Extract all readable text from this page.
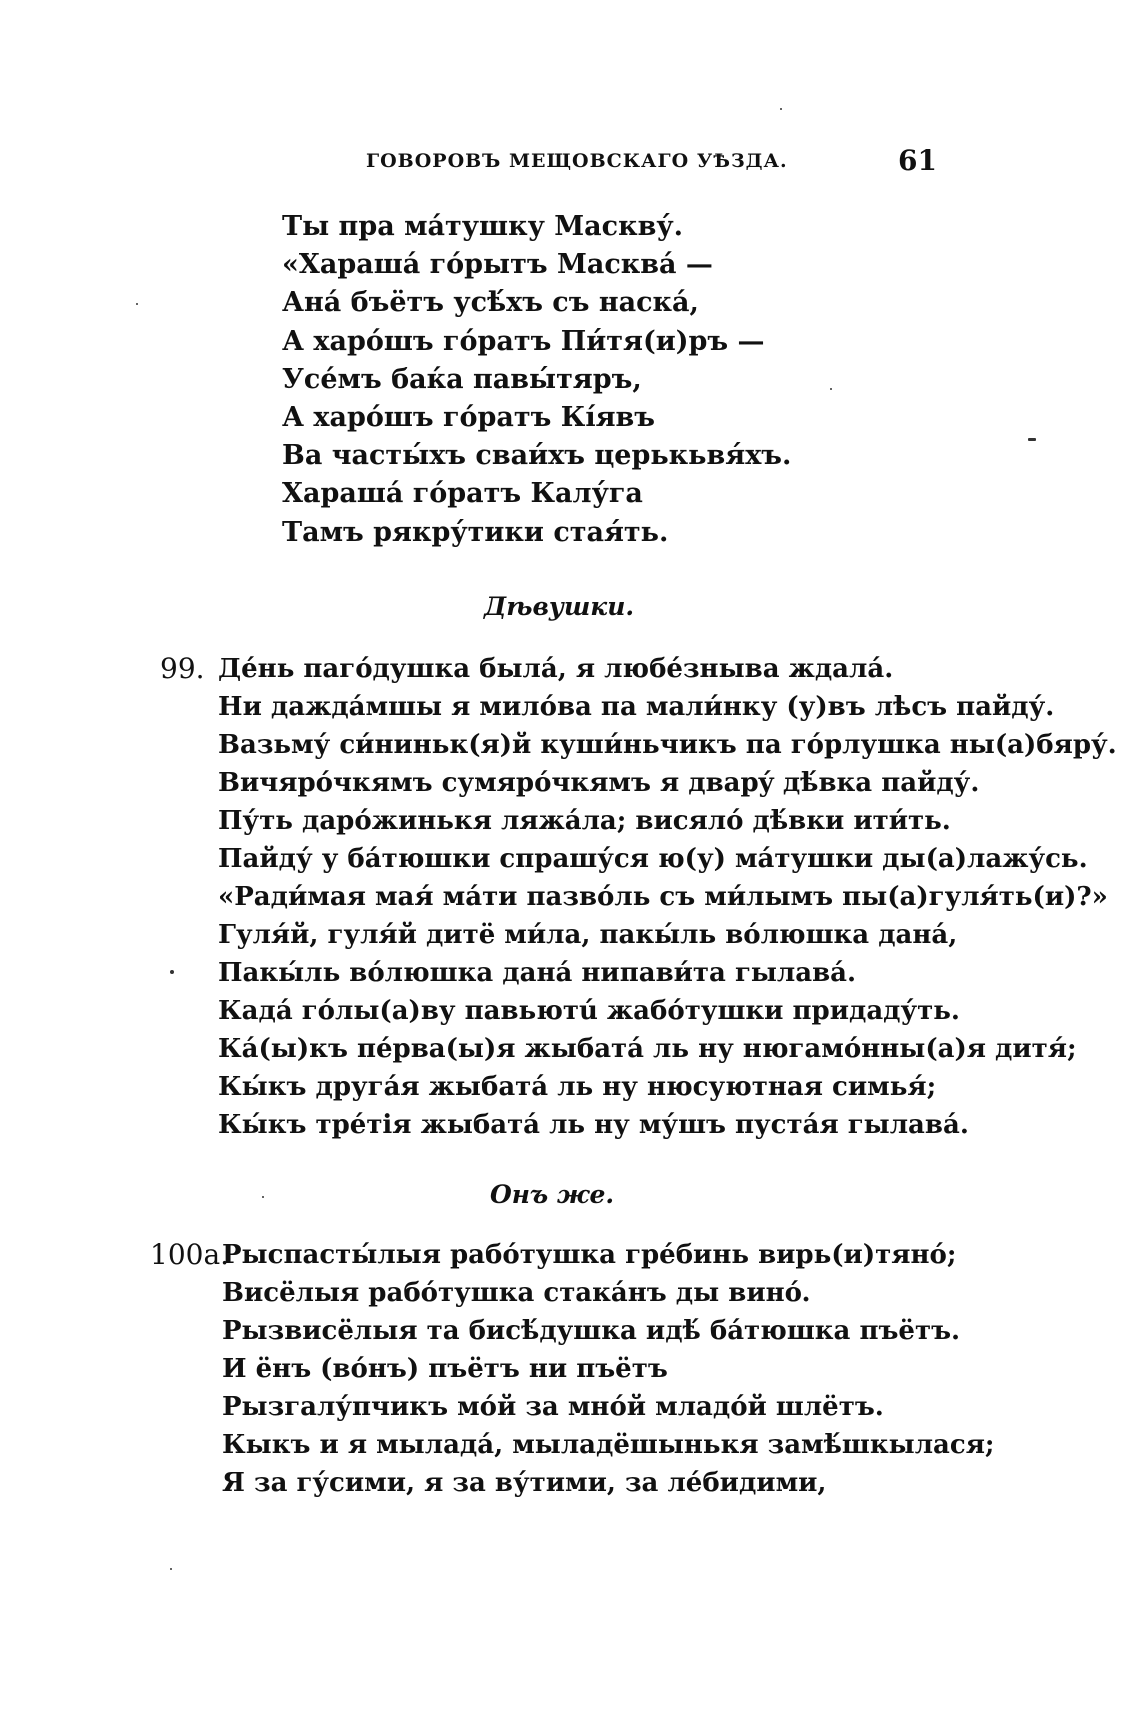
ГОВОРОВЪ МЕЩОВСКАГО УѢЗДА.	61
Ты пра мáтушку Маскву́.
«Харашá гóрытъ Масквá —
Анá бъётъ усѣ́хъ съ наскá,
А харóшъ гóратъ Пи́тя(и)ръ —
Усéмъ баќа павы́тяръ,
А харóшъ гóратъ Кíявъ
Ва часты́хъ сваи́хъ церькьвя́хъ.
Харашá гóратъ Калу́га
Тамъ рякру́тики стая́ть.
Дѣвушки.
99. Дéнь пагóдушка былá, я любéзныва ждалá.
Ни даждáмшы я милóва па мали́нку (у)въ лѣсъ пайду́.
Вазьму́ си́ниньк(я)й куши́ньчикъ па гóрлушка ны(а)бяру́.
Вичярóчкямъ сумярóчкямъ я дварý дѣ́вка пайду́.
Пу́ть дарóжинькя ляжáла; висялó дѣ́вки ити́ть.
Пайду́ у бáтюшки спрашу́ся ю(у) мáтушки ды(а)лажу́сь.
«Ради́мая мая́ мáти пазвóль съ ми́лымъ пы(а)гуля́ть(и)?»
Гуля́й, гуля́й дитё ми́ла, пакы́ль вóлюшка данá,
Пакы́ль вóлюшка данá нипави́та гылавá.
Кадá гóлы(а)ву павьютú жабóтушки придаду́ть.
Кá(ы)къ пéрва(ы)я жыбатá ль ну нюгамóнны(а)я дитя́;
Кы́къ другáя жыбатá ль ну нюсуютная симья́;
Кы́къ трéтія жыбатá ль ну му́шъ пустáя гылавá.
Онъ же.
100a.
Рыспасты́лыя рабóтушка грéбинь вирь(и)тянó;
Висёлыя рабóтушка стакáнъ ды винó.
Рызвисёлыя та бисѣ́душка идѣ́ бáтюшка пъётъ.
И ёнъ (вóнъ) пъётъ ни пъётъ
Рызгалу́пчикъ мóй за мнóй младóй шлётъ.
Кыкъ и я мыладá, мыладёшынькя замѣ́шкылася;
Я за гу́сими, я за ву́тими, за лéбидими,
